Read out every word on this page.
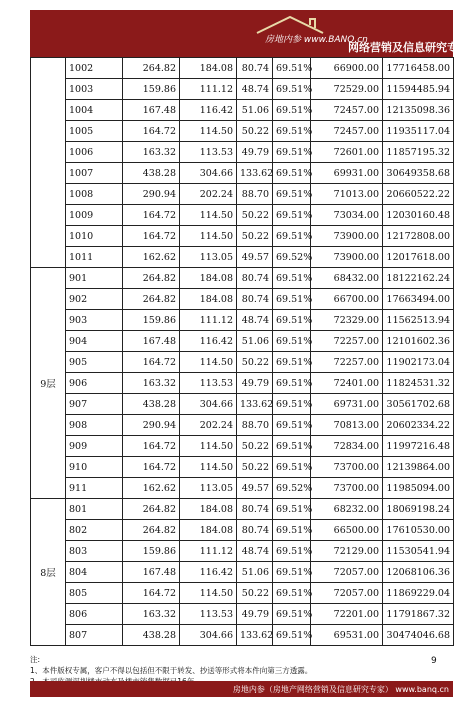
房地内参 www.BANQ.cn
网络营销及信息研究专家
	1002	264.82	184.08	80.74	69.51%	66900.00	17716458.00
	1003	159.86	111.12	48.74	69.51%	72529.00	11594485.94
	1004	167.48	116.42	51.06	69.51%	72457.00	12135098.36
	1005	164.72	114.50	50.22	69.51%	72457.00	11935117.04
	1006	163.32	113.53	49.79	69.51%	72601.00	11857195.32
	1007	438.28	304.66	133.62	69.51%	69931.00	30649358.68
	1008	290.94	202.24	88.70	69.51%	71013.00	20660522.22
	1009	164.72	114.50	50.22	69.51%	73034.00	12030160.48
	1010	164.72	114.50	50.22	69.51%	73900.00	12172808.00
	1011	162.62	113.05	49.57	69.52%	73900.00	12017618.00
9层	901	264.82	184.08	80.74	69.51%	68432.00	18122162.24
	902	264.82	184.08	80.74	69.51%	66700.00	17663494.00
	903	159.86	111.12	48.74	69.51%	72329.00	11562513.94
	904	167.48	116.42	51.06	69.51%	72257.00	12101602.36
	905	164.72	114.50	50.22	69.51%	72257.00	11902173.04
	906	163.32	113.53	49.79	69.51%	72401.00	11824531.32
	907	438.28	304.66	133.62	69.51%	69731.00	30561702.68
	908	290.94	202.24	88.70	69.51%	70813.00	20602334.22
	909	164.72	114.50	50.22	69.51%	72834.00	11997216.48
	910	164.72	114.50	50.22	69.51%	73700.00	12139864.00
	911	162.62	113.05	49.57	69.52%	73700.00	11985094.00
8层	801	264.82	184.08	80.74	69.51%	68232.00	18069198.24
	802	264.82	184.08	80.74	69.51%	66500.00	17610530.00
	803	159.86	111.12	48.74	69.51%	72129.00	11530541.94
	804	167.48	116.42	51.06	69.51%	72057.00	12068106.36
	805	164.72	114.50	50.22	69.51%	72057.00	11869229.04
	806	163.32	113.53	49.79	69.51%	72201.00	11791867.32
	807	438.28	304.66	133.62	69.51%	69531.00	30474046.68
注:
1、本件版权专属，客户不得以包括但不限于转发、抄送等形式将本件向第三方透露。
9
房地内参（房地产网络营销及信息研究专家） www.banq.cn
